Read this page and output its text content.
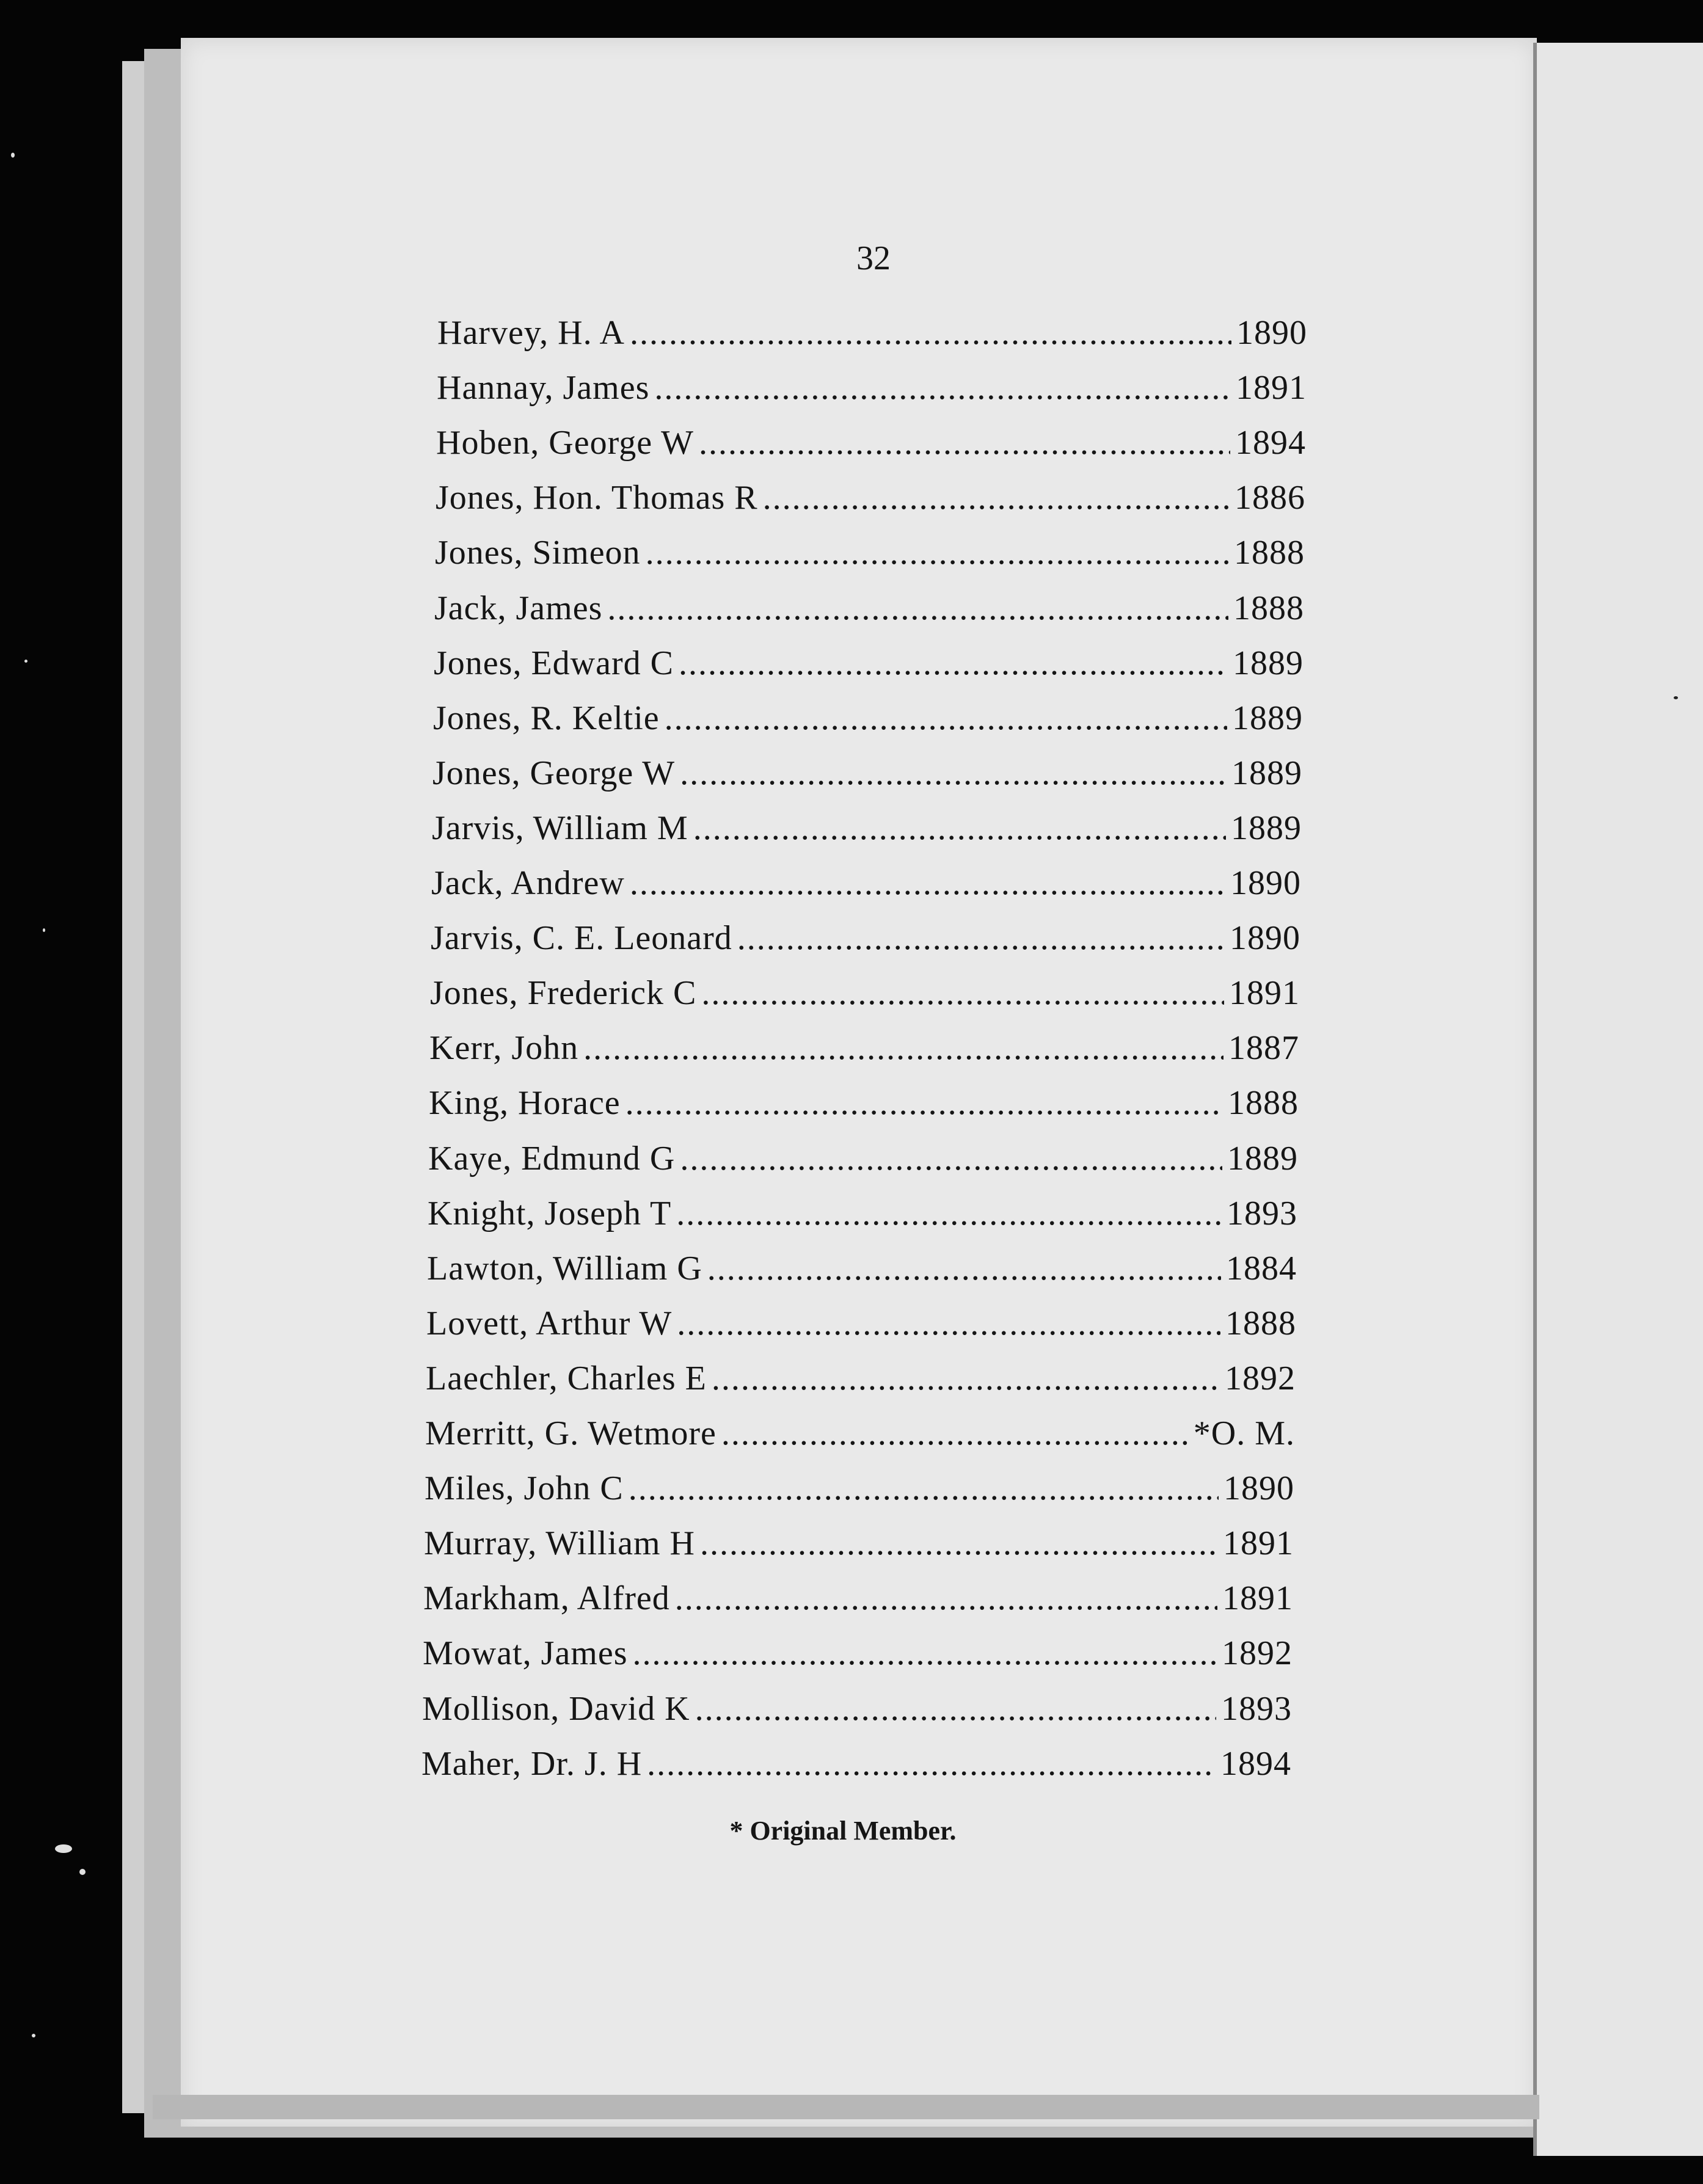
32
* Original Member.
Harvey, H. A .....	1890
Hannay, James .....	1891
Hoben, George W .....	1894
Jones, Hon. Thomas R .....	1886
Jones, Simeon .....	1888
Jack, James .....	1888
Jones, Edward C .....	1889
Jones, R. Keltie .....	1889
Jones, George W .....	1889
Jarvis, William M .....	1889
Jack, Andrew .....	1890
Jarvis, C. E. Leonard .....	1890
Jones, Frederick C .....	1891
Kerr, John .....	1887
King, Horace .....	1888
Kaye, Edmund G .....	1889
Knight, Joseph T .....	1893
Lawton, William G .....	1884
Lovett, Arthur W .....	1888
Laechler, Charles E .....	1892
Merritt, G. Wetmore .....	*O. M.
Miles, John C .....	1890
Murray, William H .....	1891
Markham, Alfred .....	1891
Mowat, James .....	1892
Mollison, David K .....	1893
Maher, Dr. J. H .....	1894
